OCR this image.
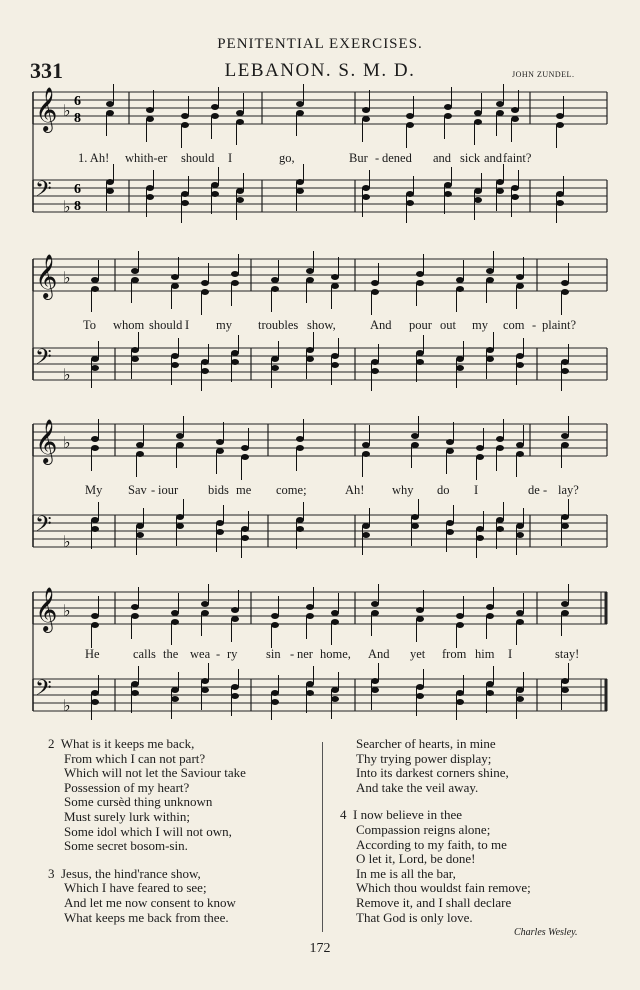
PENITENTIAL EXERCISES.
331	LEBANON. S. M. D.	JOHN ZUNDEL.
𝄞 ♭ 6
8
𝄢 ♭
6
8
𝄞 ♭
𝄢 ♭
𝄞 ♭
𝄢 ♭
𝄞 ♭
𝄢 ♭
1. Ah! whith-er should I	go,	Bur - dened and sick and faint?
To whom should I my troubles show,	And pour out my com - plaint?
My Sav - iour bids me come;	Ah! why do I	de - lay?
He	calls the wea - ry sin - ner home, And yet from him I	stay!
2 What is it keeps me back,
From which I can not part?
Which will not let the Saviour take
Possession of my heart?
Some cursèd thing unknown
Must surely lurk within;
Some idol which I will not own,
Some secret bosom-sin.
3 Jesus, the hind'rance show,
Which I have feared to see;
And let me now consent to know
What keeps me back from thee.
Searcher of hearts, in mine
Thy trying power display;
Into its darkest corners shine,
And take the veil away.
4 I now believe in thee
Compassion reigns alone;
According to my faith, to me
O let it, Lord, be done!
In me is all the bar,
Which thou wouldst fain remove;
Remove it, and I shall declare
That God is only love.
Charles Wesley.
172
